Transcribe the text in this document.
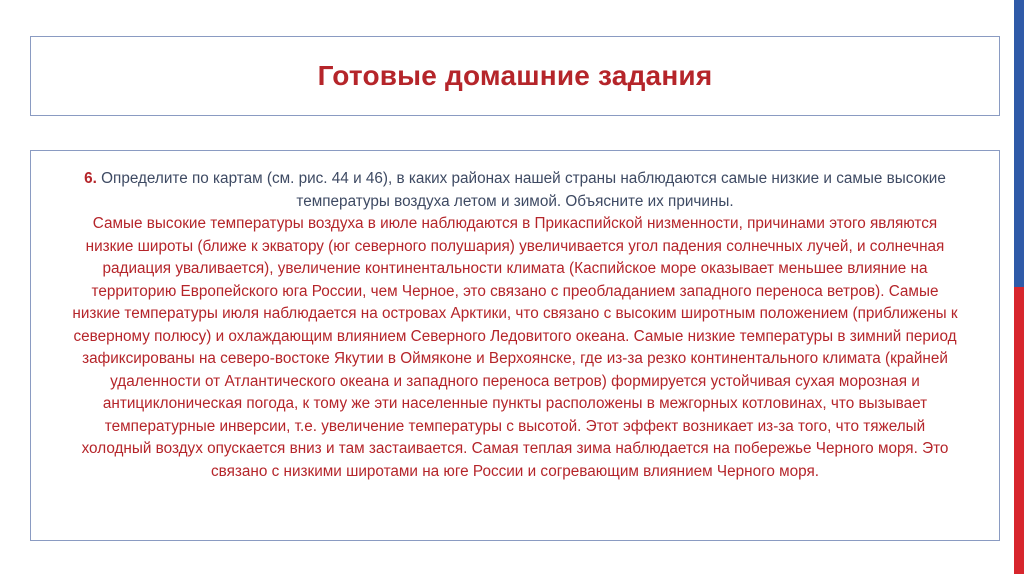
Готовые домашние задания
6. Определите по картам (см. рис. 44 и 46), в каких районах нашей страны наблюдаются самые низкие и самые высокие температуры воздуха летом и зимой. Объясните их причины.
Самые высокие температуры воздуха в июле наблюдаются в Прикаспийской низменности, причинами этого являются низкие широты (ближе к экватору (юг северного полушария) увеличивается угол падения солнечных лучей, и солнечная радиация уваливается), увеличение континентальности климата (Каспийское море оказывает меньшее влияние на территорию Европейского юга России, чем Черное, это связано с преобладанием западного переноса ветров). Самые низкие температуры июля наблюдается на островах Арктики, что связано с высоким широтным положением (приближены к северному полюсу) и охлаждающим влиянием Северного Ледовитого океана. Самые низкие температуры в зимний период зафиксированы на северо-востоке Якутии в Оймяконе и Верхоянске, где из-за резко континентального климата (крайней удаленности от Атлантического океана и западного переноса ветров) формируется устойчивая сухая морозная и антициклоническая погода, к тому же эти населенные пункты расположены в межгорных котловинах, что вызывает температурные инверсии, т.е. увеличение температуры с высотой. Этот эффект возникает из-за того, что тяжелый холодный воздух опускается вниз и там застаивается. Самая теплая зима наблюдается на побережье Черного моря. Это связано с низкими широтами на юге России и согревающим влиянием Черного моря.
